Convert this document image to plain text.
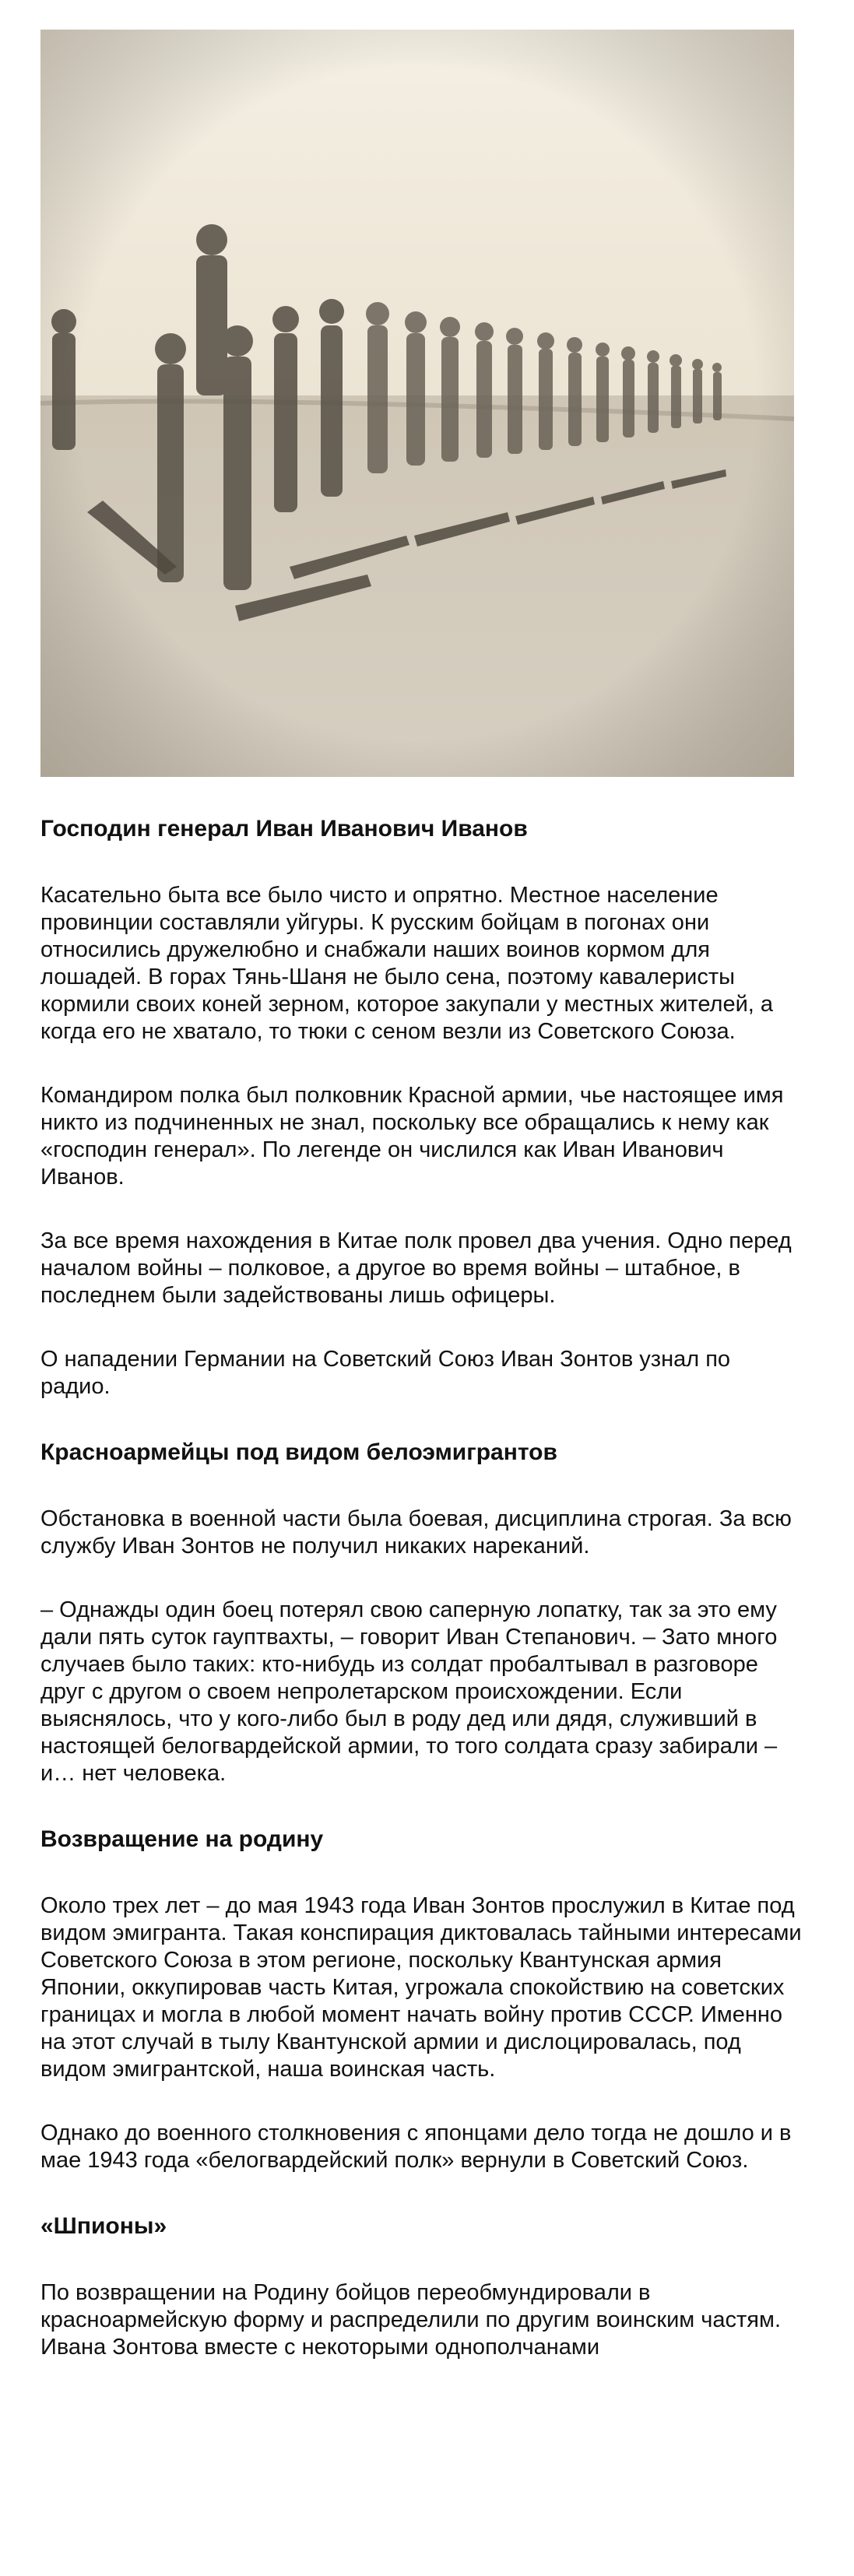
Господин генерал Иван Иванович Иванов

Касательно быта все было чисто и опрятно. Местное население провинции составляли уйгуры. К русским бойцам в погонах они относились дружелюбно и снабжали наших воинов кормом для лошадей. В горах Тянь-Шаня не было сена, поэтому кавалеристы кормили своих коней зерном, которое закупали у местных жителей, а когда его не хватало, то тюки с сеном везли из Советского Союза.

Командиром полка был полковник Красной армии, чье настоящее имя никто из подчиненных не знал, поскольку все обращались к нему как «господин генерал». По легенде он числился как Иван Иванович Иванов.

За все время нахождения в Китае полк провел два учения. Одно перед началом войны – полковое, а другое во время войны – штабное, в последнем были задействованы лишь офицеры.

О нападении Германии на Советский Союз Иван Зонтов узнал по радио.

Красноармейцы под видом белоэмигрантов

Обстановка в военной части была боевая, дисциплина строгая. За всю службу Иван Зонтов не получил никаких нареканий.

– Однажды один боец потерял свою саперную лопатку, так за это ему дали пять суток гауптвахты, – говорит Иван Степанович. – Зато много случаев было таких: кто-нибудь из солдат пробалтывал в разговоре друг с другом о своем непролетарском происхождении. Если выяснялось, что у кого-либо был в роду дед или дядя, служивший в настоящей белогвардейской армии, то того солдата сразу забирали – и… нет человека.

Возвращение на родину

Около трех лет – до мая 1943 года Иван Зонтов прослужил в Китае под видом эмигранта. Такая конспирация диктовалась тайными интересами Советского Союза в этом регионе, поскольку Квантунская армия Японии, оккупировав часть Китая, угрожала спокойствию на советских границах и могла в любой момент начать войну против СССР. Именно на этот случай в тылу Квантунской армии и дислоцировалась, под видом эмигрантской, наша воинская часть.

Однако до военного столкновения с японцами дело тогда не дошло и в мае 1943 года «белогвардейский полк» вернули в Советский Союз.

«Шпионы»

По возвращении на Родину бойцов переобмундировали в красноармейскую форму и распределили по другим воинским частям. Ивана Зонтова вместе с некоторыми однополчанами
